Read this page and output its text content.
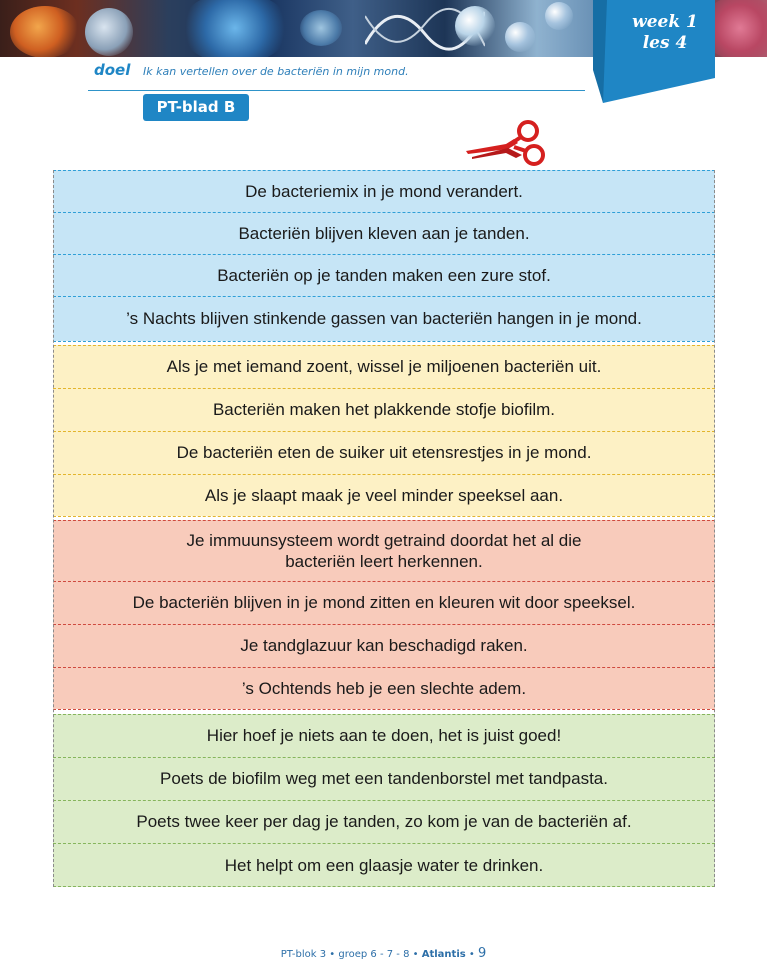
week 1
les 4
doel Ik kan vertellen over de bacteriën in mijn mond.
PT-blad B
De bacteriemix in je mond verandert.
Bacteriën blijven kleven aan je tanden.
Bacteriën op je tanden maken een zure stof.
’s Nachts blijven stinkende gassen van bacteriën hangen in je mond.
Als je met iemand zoent, wissel je miljoenen bacteriën uit.
Bacteriën maken het plakkende stofje biofilm.
De bacteriën eten de suiker uit etensrestjes in je mond.
Als je slaapt maak je veel minder speeksel aan.
Je immuunsysteem wordt getraind doordat het al die
bacteriën leert herkennen.
De bacteriën blijven in je mond zitten en kleuren wit door speeksel.
Je tandglazuur kan beschadigd raken.
’s Ochtends heb je een slechte adem.
Hier hoef je niets aan te doen, het is juist goed!
Poets de biofilm weg met een tandenborstel met tandpasta.
Poets twee keer per dag je tanden, zo kom je van de bacteriën af.
Het helpt om een glaasje water te drinken.
PT-blok 3 • groep 6 - 7 - 8 • Atlantis • 9
